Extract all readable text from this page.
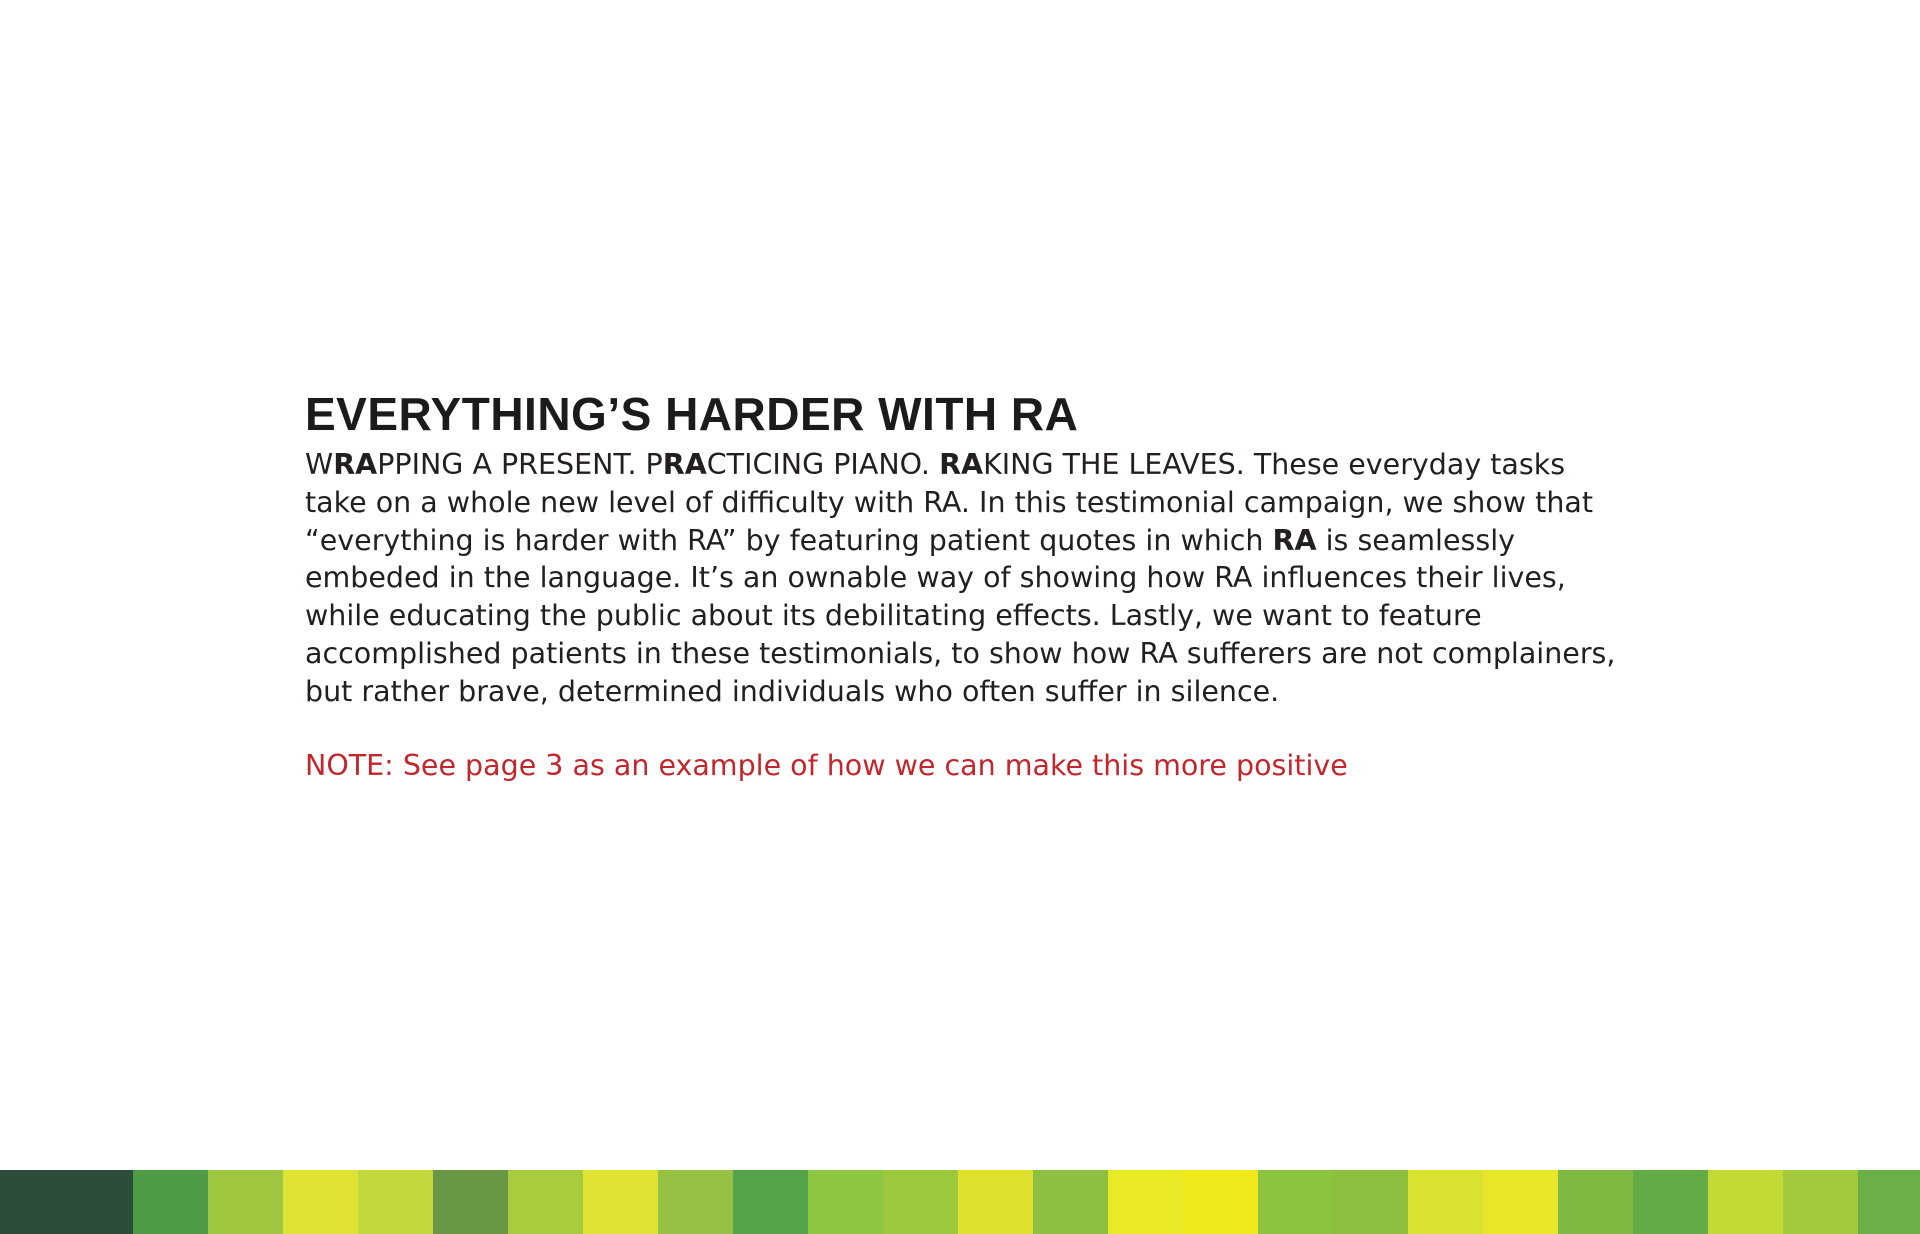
EVERYTHING’S HARDER WITH RA
WRAPPING A PRESENT. PRACTICING PIANO. RAKING THE LEAVES. These everyday tasks
take on a whole new level of difficulty with RA. In this testimonial campaign, we show that
“everything is harder with RA” by featuring patient quotes in which RA is seamlessly
embeded in the language. It’s an ownable way of showing how RA influences their lives,
while educating the public about its debilitating effects. Lastly, we want to feature
accomplished patients in these testimonials, to show how RA sufferers are not complainers,
but rather brave, determined individuals who often suffer in silence.

NOTE: See page 3 as an example of how we can make this more positive
